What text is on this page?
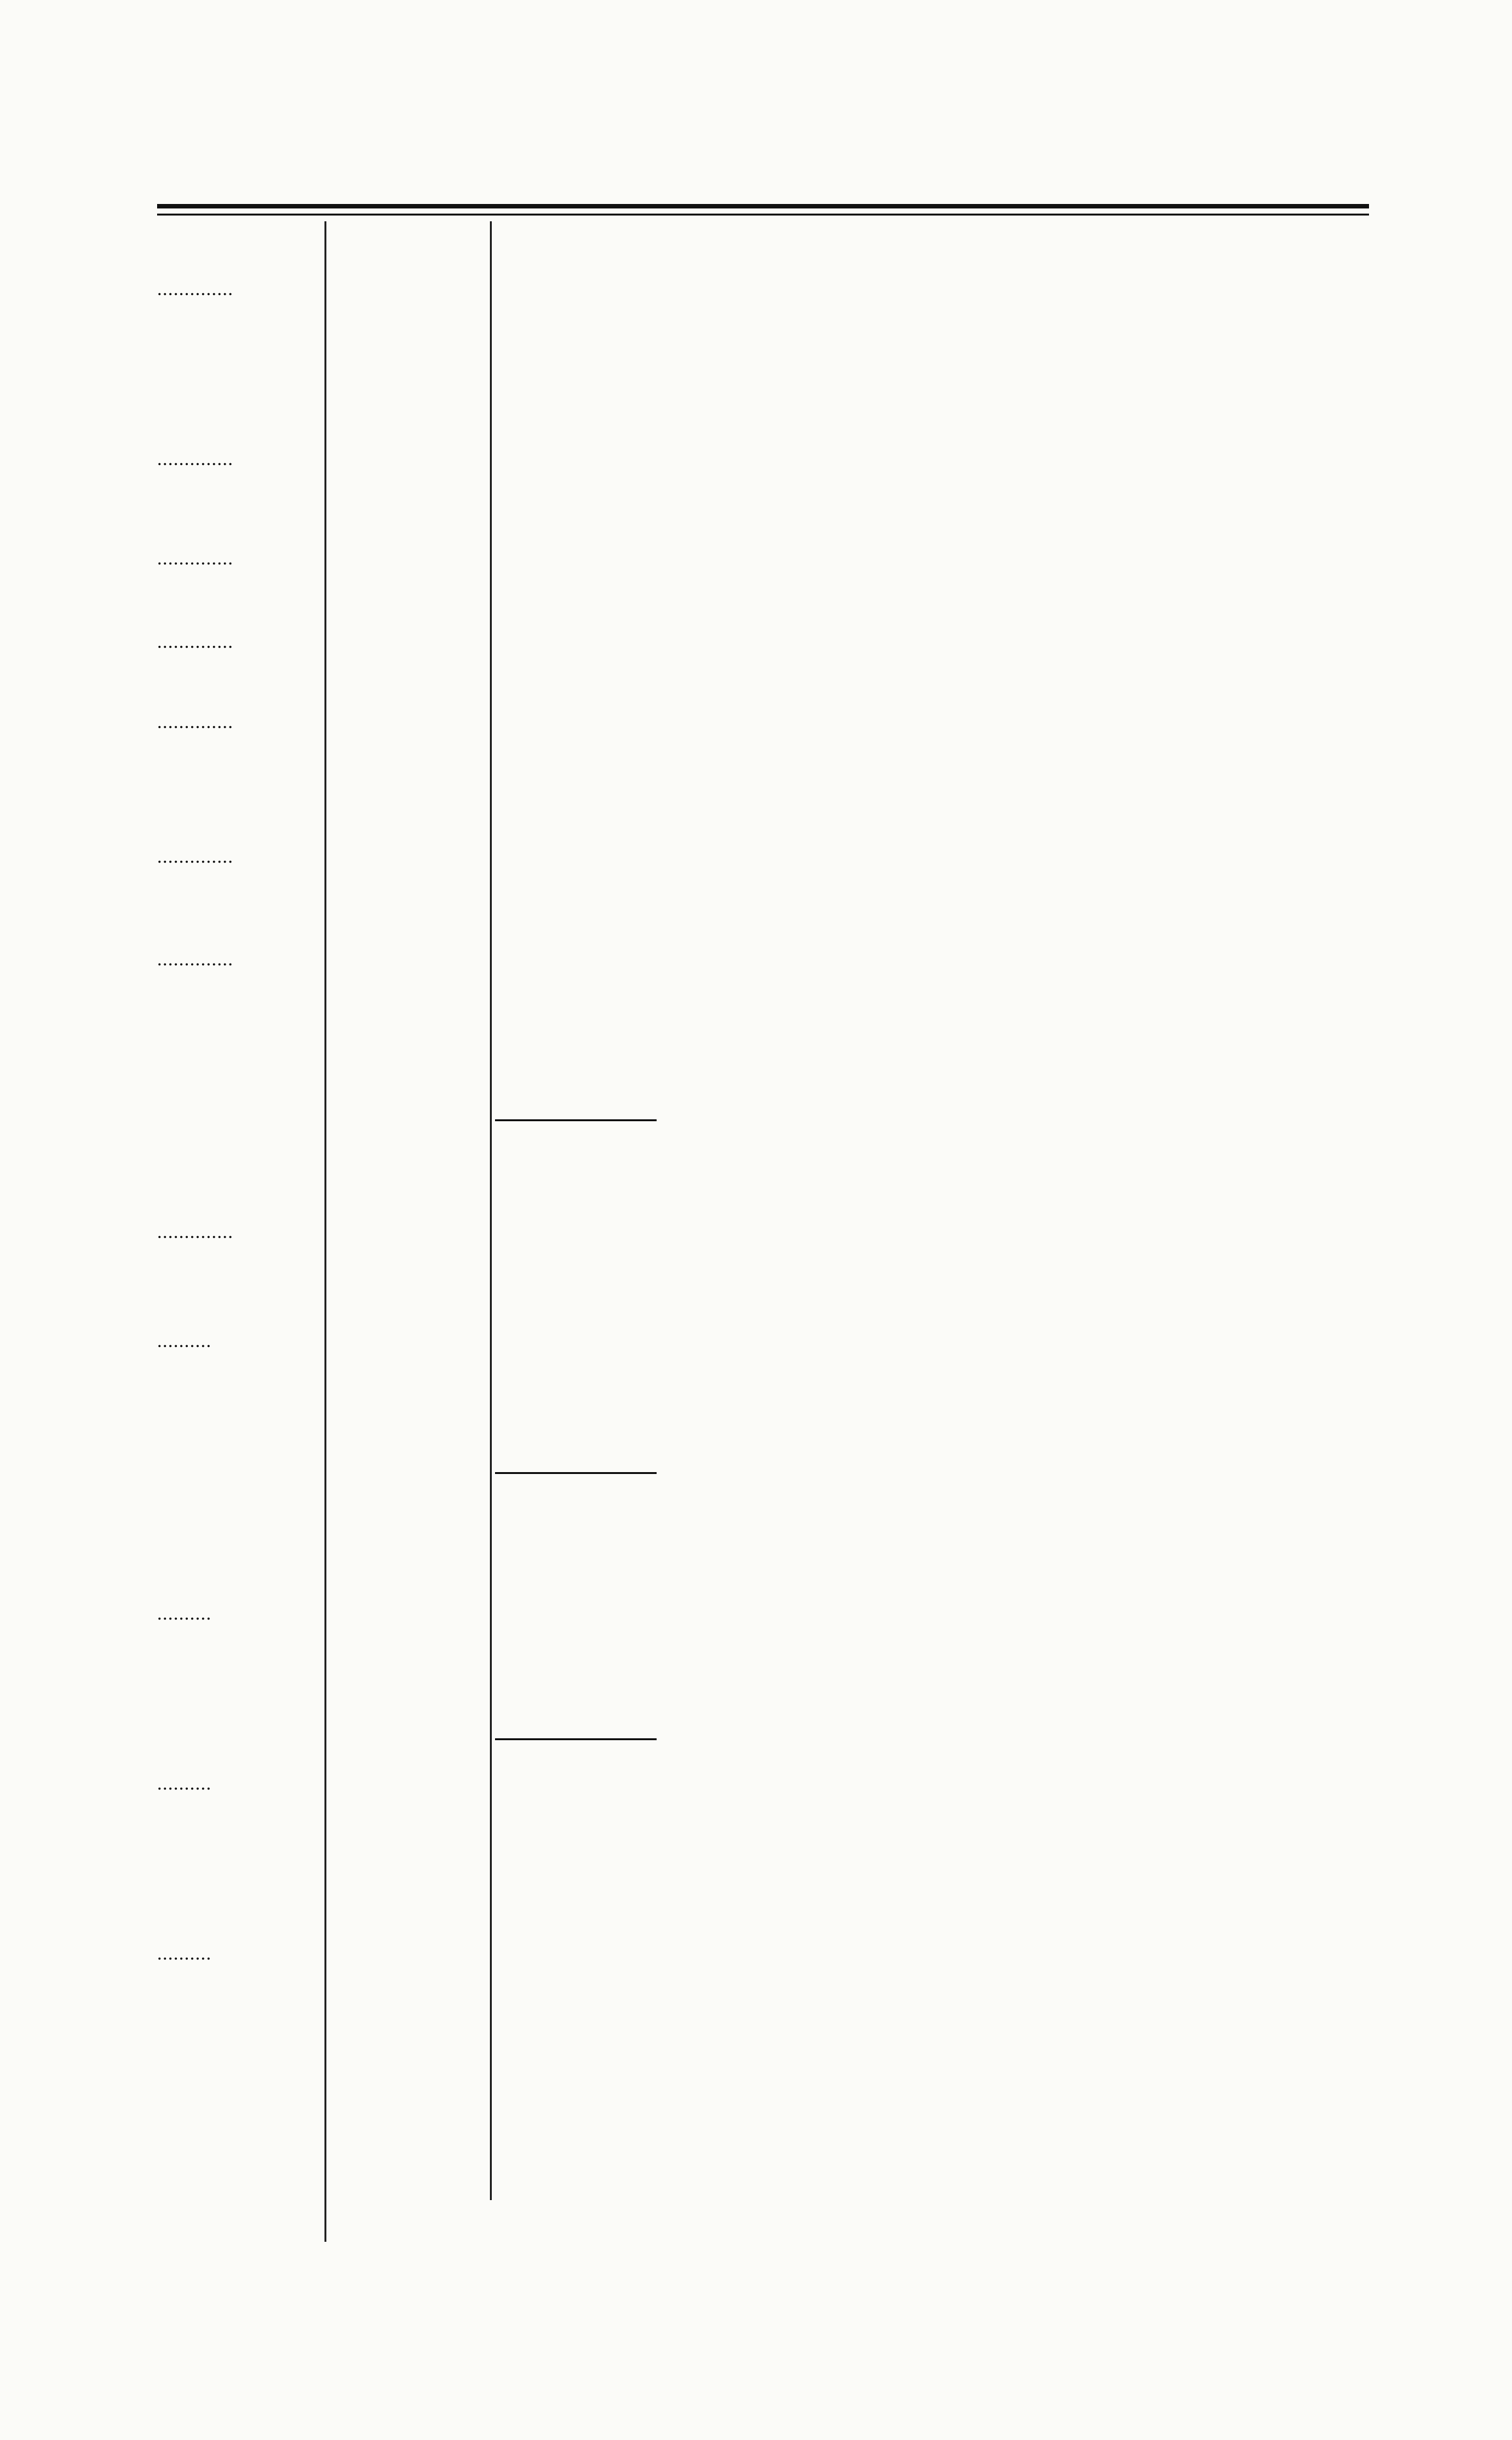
..............
..............
..............
..............
..............
..............
..............
..............
..........
..........
..........
..........
